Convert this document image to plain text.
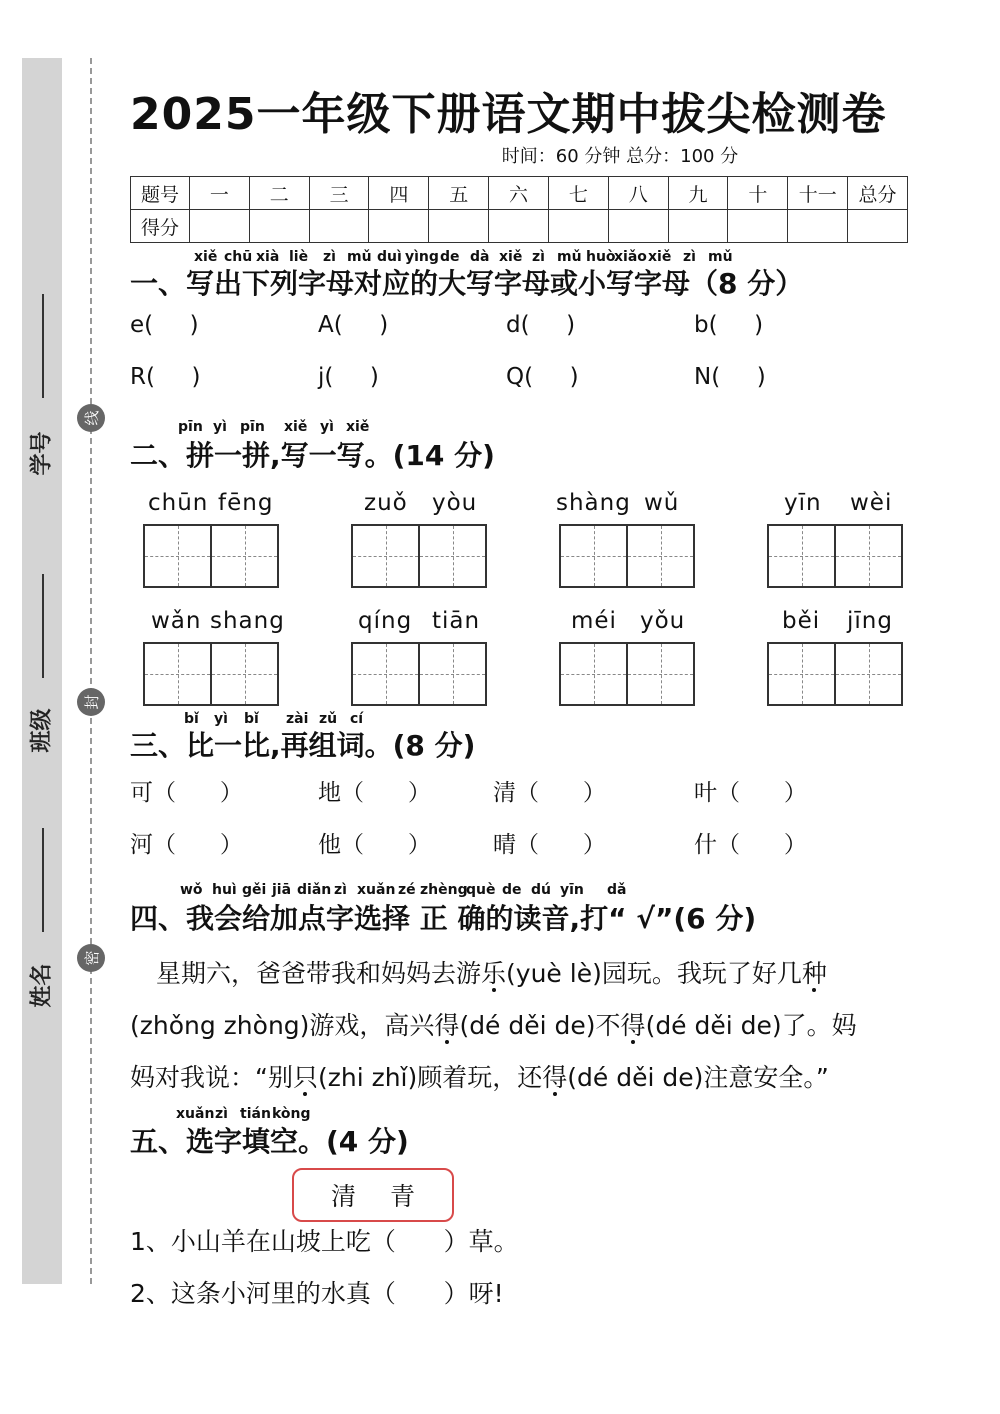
学号
班级
姓名
线
封
密
2025一年级下册语文期中拔尖检测卷
时间：60 分钟 总分：100 分
题号	一	二	三	四	五	六	七	八	九	十	十一	总分
得分												
xiě chū xià liè zì mǔ duì yìng de dà xiě zì mǔ huò
xiǎo xiě zì mǔ
一、写出下列字母对应的大写字母或小写字母（8 分）
e(     )	A(     )	d(     )	b(     )
R(     )	j(     )	Q(     )	N(     )
pīn yì pīn xiě yì xiě
二、拼一拼,写一写。(14 分)
chūn fēng	zuǒ yòu	shàng wǔ	yīn wèi
wǎn shang	qíng tiān	méi yǒu	běi jīng
bǐ yì bǐ zài zǔ cí
三、比一比,再组词。(8 分)
可（      ）	地（      ）	清（      ）	叶（      ）
河（      ）	他（      ）	晴（      ）	什（      ）
wǒ huì gěi jiā diǎn zì xuǎn zé zhèng
què de dú yīn dǎ
四、我会给加点字选择 正 确的读音,打“ √”(6 分)
星期六，爸爸带我和妈妈去游乐(yuè lè)园玩。我玩了好几种
(zhǒng zhòng)游戏，高兴得(dé děi de)不得(dé děi de)了。妈
妈对我说：“别只(zhi zhǐ)顾着玩，还得(dé děi de)注意安全。”
xuǎn zì tián kòng
五、选字填空。(4 分)
清 青
1、小山羊在山坡上吃（      ）草。
2、这条小河里的水真（      ）呀!
